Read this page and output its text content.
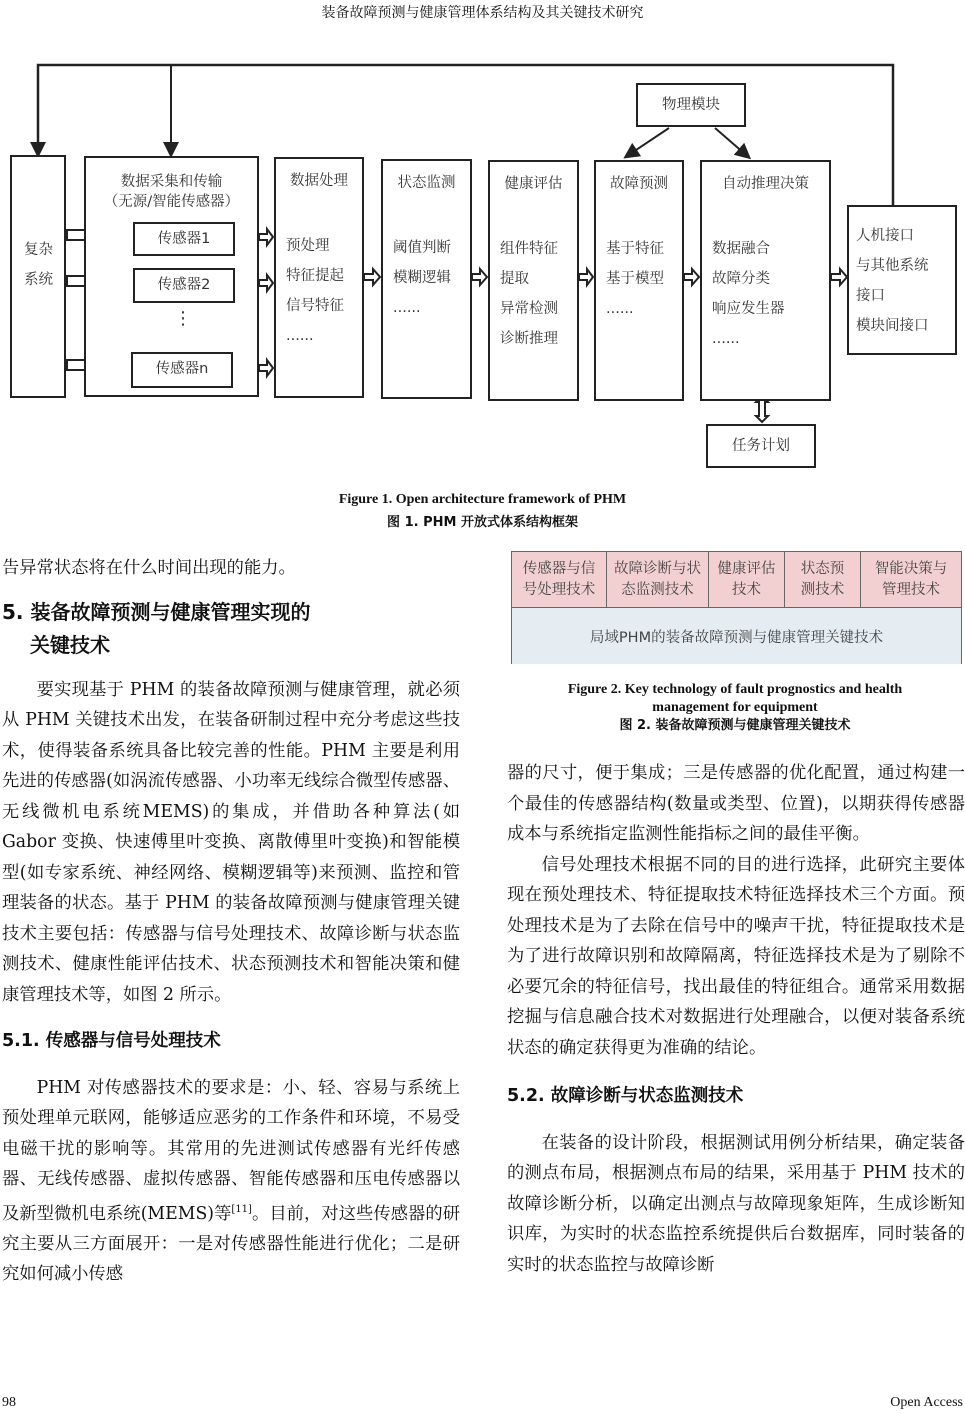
装备故障预测与健康管理体系结构及其关键技术研究
复杂
系统
数据采集和传输
（无源/智能传感器）
⋮
传感器1
传感器2
传感器n
数据处理
预处理
特征提起
信号特征
......
状态监测
阈值判断
模糊逻辑
......
健康评估
组件特征
提取
异常检测
诊断推理
故障预测
基于特征
基于模型
......
自动推理决策
数据融合
故障分类
响应发生器
......
人机接口
与其他系统
接口
模块间接口
物理模块
任务计划
Figure 1. Open architecture framework of PHM
图 1. PHM 开放式体系结构框架
告异常状态将在什么时间出现的能力。
5. 装备故障预测与健康管理实现的
关键技术

要实现基于 PHM 的装备故障预测与健康管理，就必须从 PHM 关键技术出发，在装备研制过程中充分考虑这些技术，使得装备系统具备比较完善的性能。PHM 主要是利用先进的传感器(如涡流传感器、小功率无线综合微型传感器、无线微机电系统MEMS)的集成，并借助各种算法(如 Gabor 变换、快速傅里叶变换、离散傅里叶变换)和智能模型(如专家系统、神经网络、模糊逻辑等)来预测、监控和管理装备的状态。基于 PHM 的装备故障预测与健康管理关键技术主要包括：传感器与信号处理技术、故障诊断与状态监测技术、健康性能评估技术、状态预测技术和智能决策和健康管理技术等，如图 2 所示。

5.1. 传感器与信号处理技术

PHM 对传感器技术的要求是：小、轻、容易与系统上预处理单元联网，能够适应恶劣的工作条件和环境，不易受电磁干扰的影响等。其常用的先进测试传感器有光纤传感器、无线传感器、虚拟传感器、智能传感器和压电传感器以及新型微机电系统(MEMS)等[11]。目前，对这些传感器的研究主要从三方面展开：一是对传感器性能进行优化；二是研究如何减小传感

传感器与信
号处理技术
故障诊断与状
态监测技术
健康评估
技术
状态预
测技术
智能决策与
管理技术
局域PHM的装备故障预测与健康管理关键技术
Figure 2. Key technology of fault prognostics and health
management for equipment
图 2. 装备故障预测与健康管理关键技术
器的尺寸，便于集成；三是传感器的优化配置，通过构建一个最佳的传感器结构(数量或类型、位置)，以期获得传感器成本与系统指定监测性能指标之间的最佳平衡。

信号处理技术根据不同的目的进行选择，此研究主要体现在预处理技术、特征提取技术特征选择技术三个方面。预处理技术是为了去除在信号中的噪声干扰，特征提取技术是为了进行故障识别和故障隔离，特征选择技术是为了剔除不必要冗余的特征信号，找出最佳的特征组合。通常采用数据挖掘与信息融合技术对数据进行处理融合，以便对装备系统状态的确定获得更为准确的结论。

5.2. 故障诊断与状态监测技术

在装备的设计阶段，根据测试用例分析结果，确定装备的测点布局，根据测点布局的结果，采用基于 PHM 技术的故障诊断分析，以确定出测点与故障现象矩阵，生成诊断知识库，为实时的状态监控系统提供后台数据库，同时装备的实时的状态监控与故障诊断

98	Open Access
